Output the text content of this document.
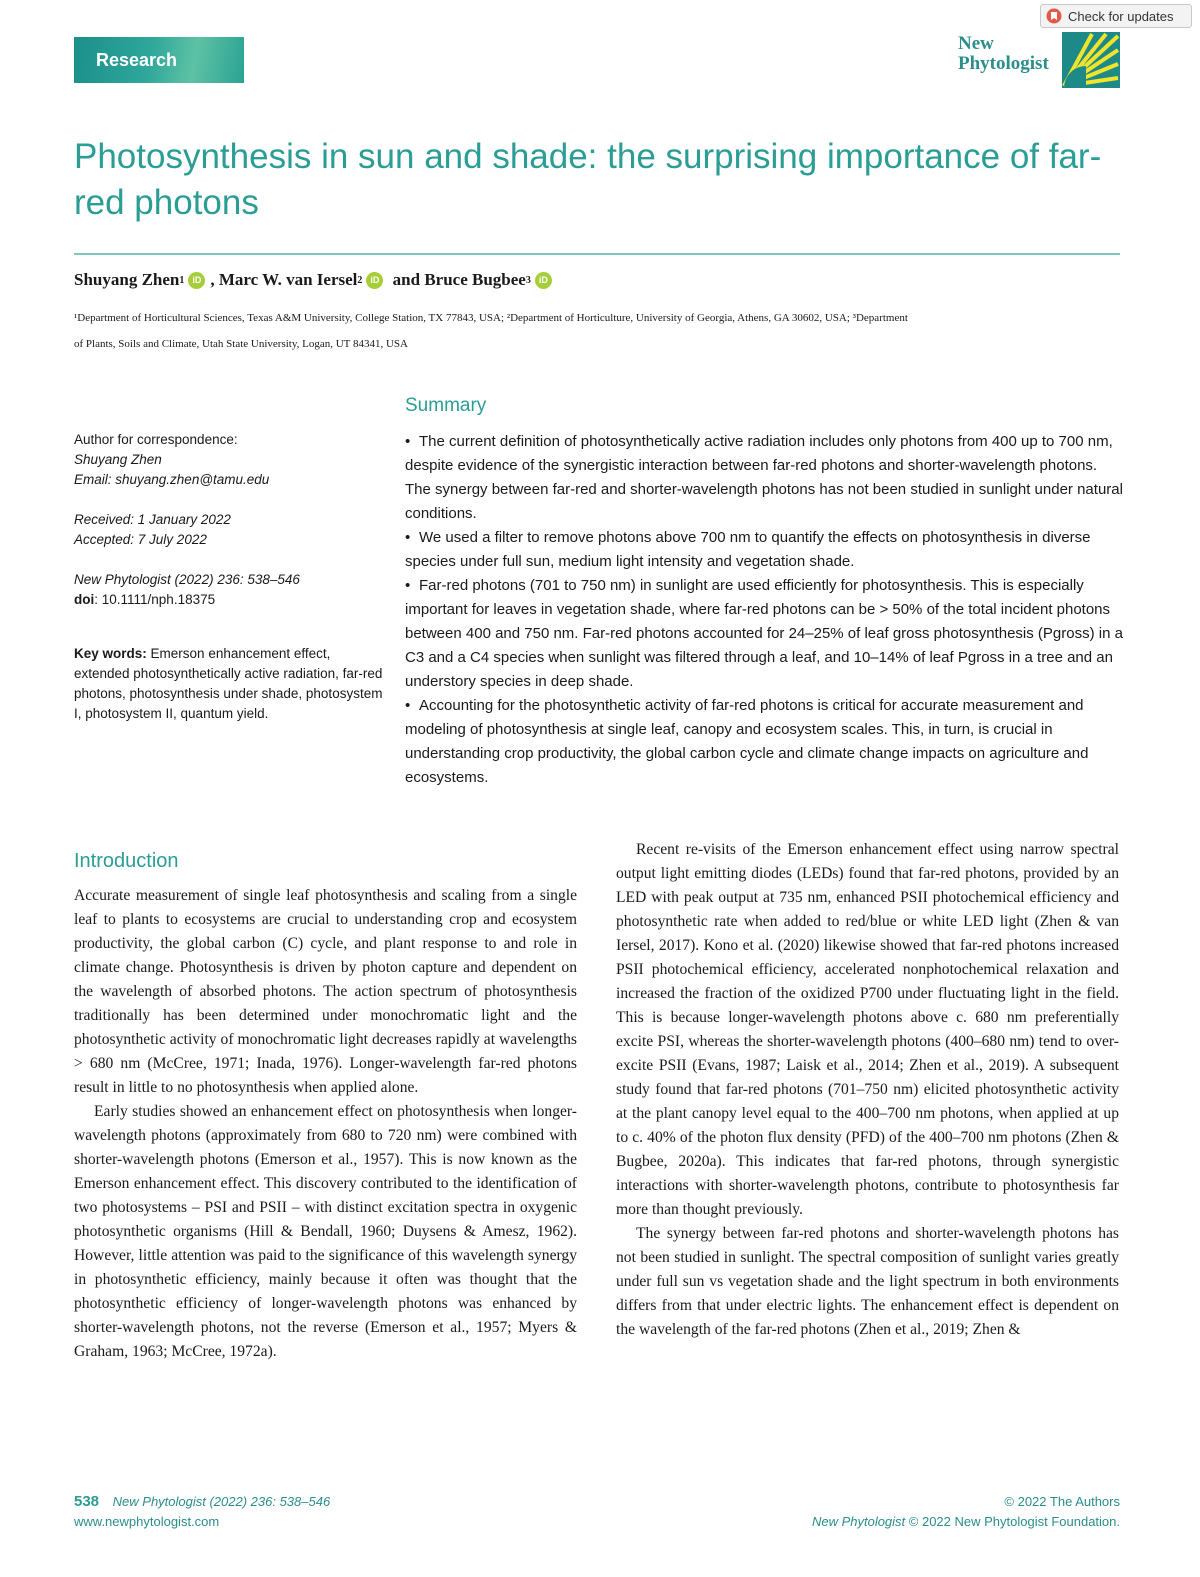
Check for updates
Research
New
Phytologist
Photosynthesis in sun and shade: the surprising importance of far-red photons
Shuyang Zhen 1 iD , Marc W. van Iersel 2 iD and Bruce Bugbee 3 iD
¹Department of Horticultural Sciences, Texas A&M University, College Station, TX 77843, USA; ²Department of Horticulture, University of Georgia, Athens, GA 30602, USA; ³Department
of Plants, Soils and Climate, Utah State University, Logan, UT 84341, USA
Author for correspondence:
Shuyang Zhen
Email: shuyang.zhen@tamu.edu
Received: 1 January 2022
Accepted: 7 July 2022
New Phytologist (2022) 236: 538–546
doi: 10.1111/nph.18375
Key words: Emerson enhancement effect, extended photosynthetically active radiation, far-red photons, photosynthesis under shade, photosystem I, photosystem II, quantum yield.
Summary

• The current definition of photosynthetically active radiation includes only photons from 400 up to 700 nm, despite evidence of the synergistic interaction between far-red photons and shorter-wavelength photons. The synergy between far-red and shorter-wavelength photons has not been studied in sunlight under natural conditions.

• We used a filter to remove photons above 700 nm to quantify the effects on photosynthesis in diverse species under full sun, medium light intensity and vegetation shade.

• Far-red photons (701 to 750 nm) in sunlight are used efficiently for photosynthesis. This is especially important for leaves in vegetation shade, where far-red photons can be > 50% of the total incident photons between 400 and 750 nm. Far-red photons accounted for 24–25% of leaf gross photosynthesis (Pgross) in a C3 and a C4 species when sunlight was filtered through a leaf, and 10–14% of leaf Pgross in a tree and an understory species in deep shade.

• Accounting for the photosynthetic activity of far-red photons is critical for accurate measurement and modeling of photosynthesis at single leaf, canopy and ecosystem scales. This, in turn, is crucial in understanding crop productivity, the global carbon cycle and climate change impacts on agriculture and ecosystems.

Introduction

Accurate measurement of single leaf photosynthesis and scaling from a single leaf to plants to ecosystems are crucial to understanding crop and ecosystem productivity, the global carbon (C) cycle, and plant response to and role in climate change. Photosynthesis is driven by photon capture and dependent on the wavelength of absorbed photons. The action spectrum of photosynthesis traditionally has been determined under monochromatic light and the photosynthetic activity of monochromatic light decreases rapidly at wavelengths > 680 nm (McCree, 1971; Inada, 1976). Longer-wavelength far-red photons result in little to no photosynthesis when applied alone.

Early studies showed an enhancement effect on photosynthesis when longer-wavelength photons (approximately from 680 to 720 nm) were combined with shorter-wavelength photons (Emerson et al., 1957). This is now known as the Emerson enhancement effect. This discovery contributed to the identification of two photosystems – PSI and PSII – with distinct excitation spectra in oxygenic photosynthetic organisms (Hill & Bendall, 1960; Duysens & Amesz, 1962). However, little attention was paid to the significance of this wavelength synergy in photosynthetic efficiency, mainly because it often was thought that the photosynthetic efficiency of longer-wavelength photons was enhanced by shorter-wavelength photons, not the reverse (Emerson et al., 1957; Myers & Graham, 1963; McCree, 1972a).

Recent re-visits of the Emerson enhancement effect using narrow spectral output light emitting diodes (LEDs) found that far-red photons, provided by an LED with peak output at 735 nm, enhanced PSII photochemical efficiency and photosynthetic rate when added to red/blue or white LED light (Zhen & van Iersel, 2017). Kono et al. (2020) likewise showed that far-red photons increased PSII photochemical efficiency, accelerated nonphotochemical relaxation and increased the fraction of the oxidized P700 under fluctuating light in the field. This is because longer-wavelength photons above c. 680 nm preferentially excite PSI, whereas the shorter-wavelength photons (400–680 nm) tend to over-excite PSII (Evans, 1987; Laisk et al., 2014; Zhen et al., 2019). A subsequent study found that far-red photons (701–750 nm) elicited photosynthetic activity at the plant canopy level equal to the 400–700 nm photons, when applied at up to c. 40% of the photon flux density (PFD) of the 400–700 nm photons (Zhen & Bugbee, 2020a). This indicates that far-red photons, through synergistic interactions with shorter-wavelength photons, contribute to photosynthesis far more than thought previously.

The synergy between far-red photons and shorter-wavelength photons has not been studied in sunlight. The spectral composition of sunlight varies greatly under full sun vs vegetation shade and the light spectrum in both environments differs from that under electric lights. The enhancement effect is dependent on the wavelength of the far-red photons (Zhen et al., 2019; Zhen &

538 New Phytologist (2022) 236: 538–546
www.newphytologist.com
© 2022 The Authors
New Phytologist © 2022 New Phytologist Foundation.
